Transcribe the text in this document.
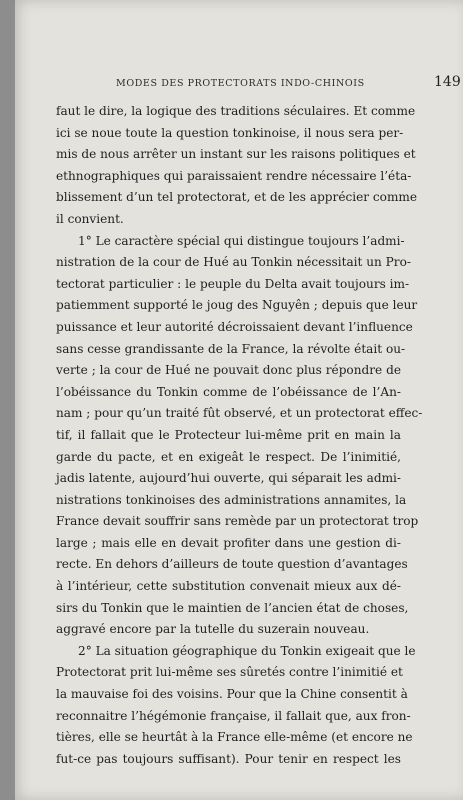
MODES DES PROTECTORATS INDO-CHINOIS	149
faut le dire, la logique des traditions séculaires. Et comme
ici se noue toute la question tonkinoise, il nous sera per-
mis de nous arrêter un instant sur les raisons politiques et
ethnographiques qui paraissaient rendre nécessaire l’éta-
blissement d’un tel protectorat, et de les apprécier comme
il convient.
1° Le caractère spécial qui distingue toujours l’admi-
nistration de la cour de Hué au Tonkin nécessitait un Pro-
tectorat particulier : le peuple du Delta avait toujours im-
patiemment supporté le joug des Nguyên ; depuis que leur
puissance et leur autorité décroissaient devant l’influence
sans cesse grandissante de la France, la révolte était ou-
verte ; la cour de Hué ne pouvait donc plus répondre de
l’obéissance du Tonkin comme de l’obéissance de l’An-
nam ; pour qu’un traité fût observé, et un protectorat effec-
tif, il fallait que le Protecteur lui-même prit en main la
garde du pacte, et en exigeât le respect. De l’inimitié,
jadis latente, aujourd’hui ouverte, qui séparait les admi-
nistrations tonkinoises des administrations annamites, la
France devait souffrir sans remède par un protectorat trop
large ; mais elle en devait profiter dans une gestion di-
recte. En dehors d’ailleurs de toute question d’avantages
à l’intérieur, cette substitution convenait mieux aux dé-
sirs du Tonkin que le maintien de l’ancien état de choses,
aggravé encore par la tutelle du suzerain nouveau.
2° La situation géographique du Tonkin exigeait que le
Protectorat prit lui-même ses sûretés contre l’inimitié et
la mauvaise foi des voisins. Pour que la Chine consentit à
reconnaitre l’hégémonie française, il fallait que, aux fron-
tières, elle se heurtât à la France elle-même (et encore ne
fut-ce pas toujours suffisant). Pour tenir en respect les
